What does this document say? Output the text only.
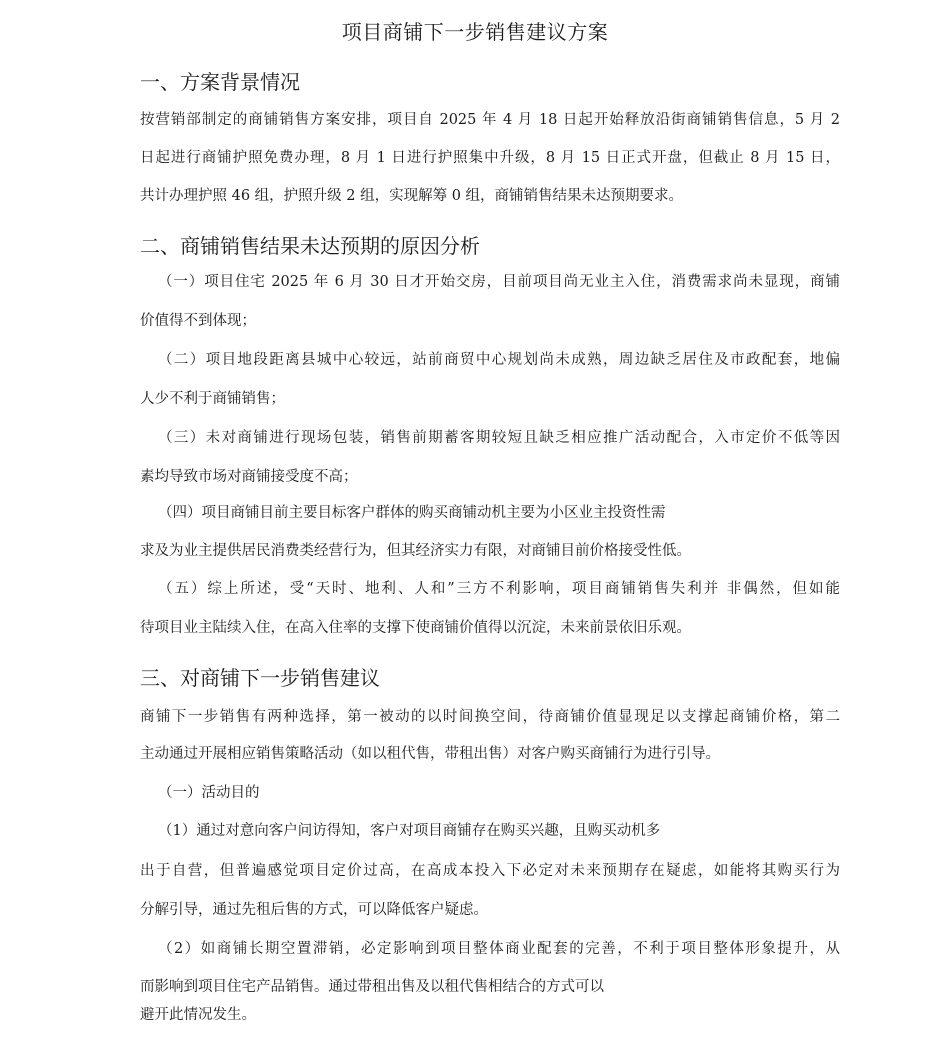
项目商铺下一步销售建议方案
一、方案背景情况

按营销部制定的商铺销售方案安排，项目自 2025 年 4 月 18 日起开始释放沿街商铺销售信息，5 月 2

日起进行商铺护照免费办理，8 月 1 日进行护照集中升级，8 月 15 日正式开盘，但截止 8 月 15 日，

共计办理护照 46 组，护照升级 2 组，实现解筹 0 组，商铺销售结果未达预期要求。

二、商铺销售结果未达预期的原因分析

（一）项目住宅 2025 年 6 月 30 日才开始交房，目前项目尚无业主入住，消费需求尚未显现，商铺

价值得不到体现；

（二）项目地段距离县城中心较远，站前商贸中心规划尚未成熟，周边缺乏居住及市政配套，地偏

人少不利于商铺销售；

（三）未对商铺进行现场包装，销售前期蓄客期较短且缺乏相应推广活动配合，入市定价不低等因

素均导致市场对商铺接受度不高；

（四）项目商铺目前主要目标客户群体的购买商铺动机主要为小区业主投资性需

求及为业主提供居民消费类经营行为，但其经济实力有限，对商铺目前价格接受性低。

（五）综上所述，受“天时、地利、人和”三方不利影响，项目商铺销售失利并 非偶然，但如能

待项目业主陆续入住，在高入住率的支撑下使商铺价值得以沉淀，未来前景依旧乐观。

三、对商铺下一步销售建议

商铺下一步销售有两种选择，第一被动的以时间换空间，待商铺价值显现足以支撑起商铺价格，第二

主动通过开展相应销售策略活动（如以租代售，带租出售）对客户购买商铺行为进行引导。

（一）活动目的

（1）通过对意向客户问访得知，客户对项目商铺存在购买兴趣，且购买动机多

出于自营，但普遍感觉项目定价过高，在高成本投入下必定对未来预期存在疑虑，如能将其购买行为

分解引导，通过先租后售的方式，可以降低客户疑虑。

（2）如商铺长期空置滞销，必定影响到项目整体商业配套的完善，不利于项目整体形象提升，从

而影响到项目住宅产品销售。通过带租出售及以租代售相结合的方式可以

避开此情况发生。
